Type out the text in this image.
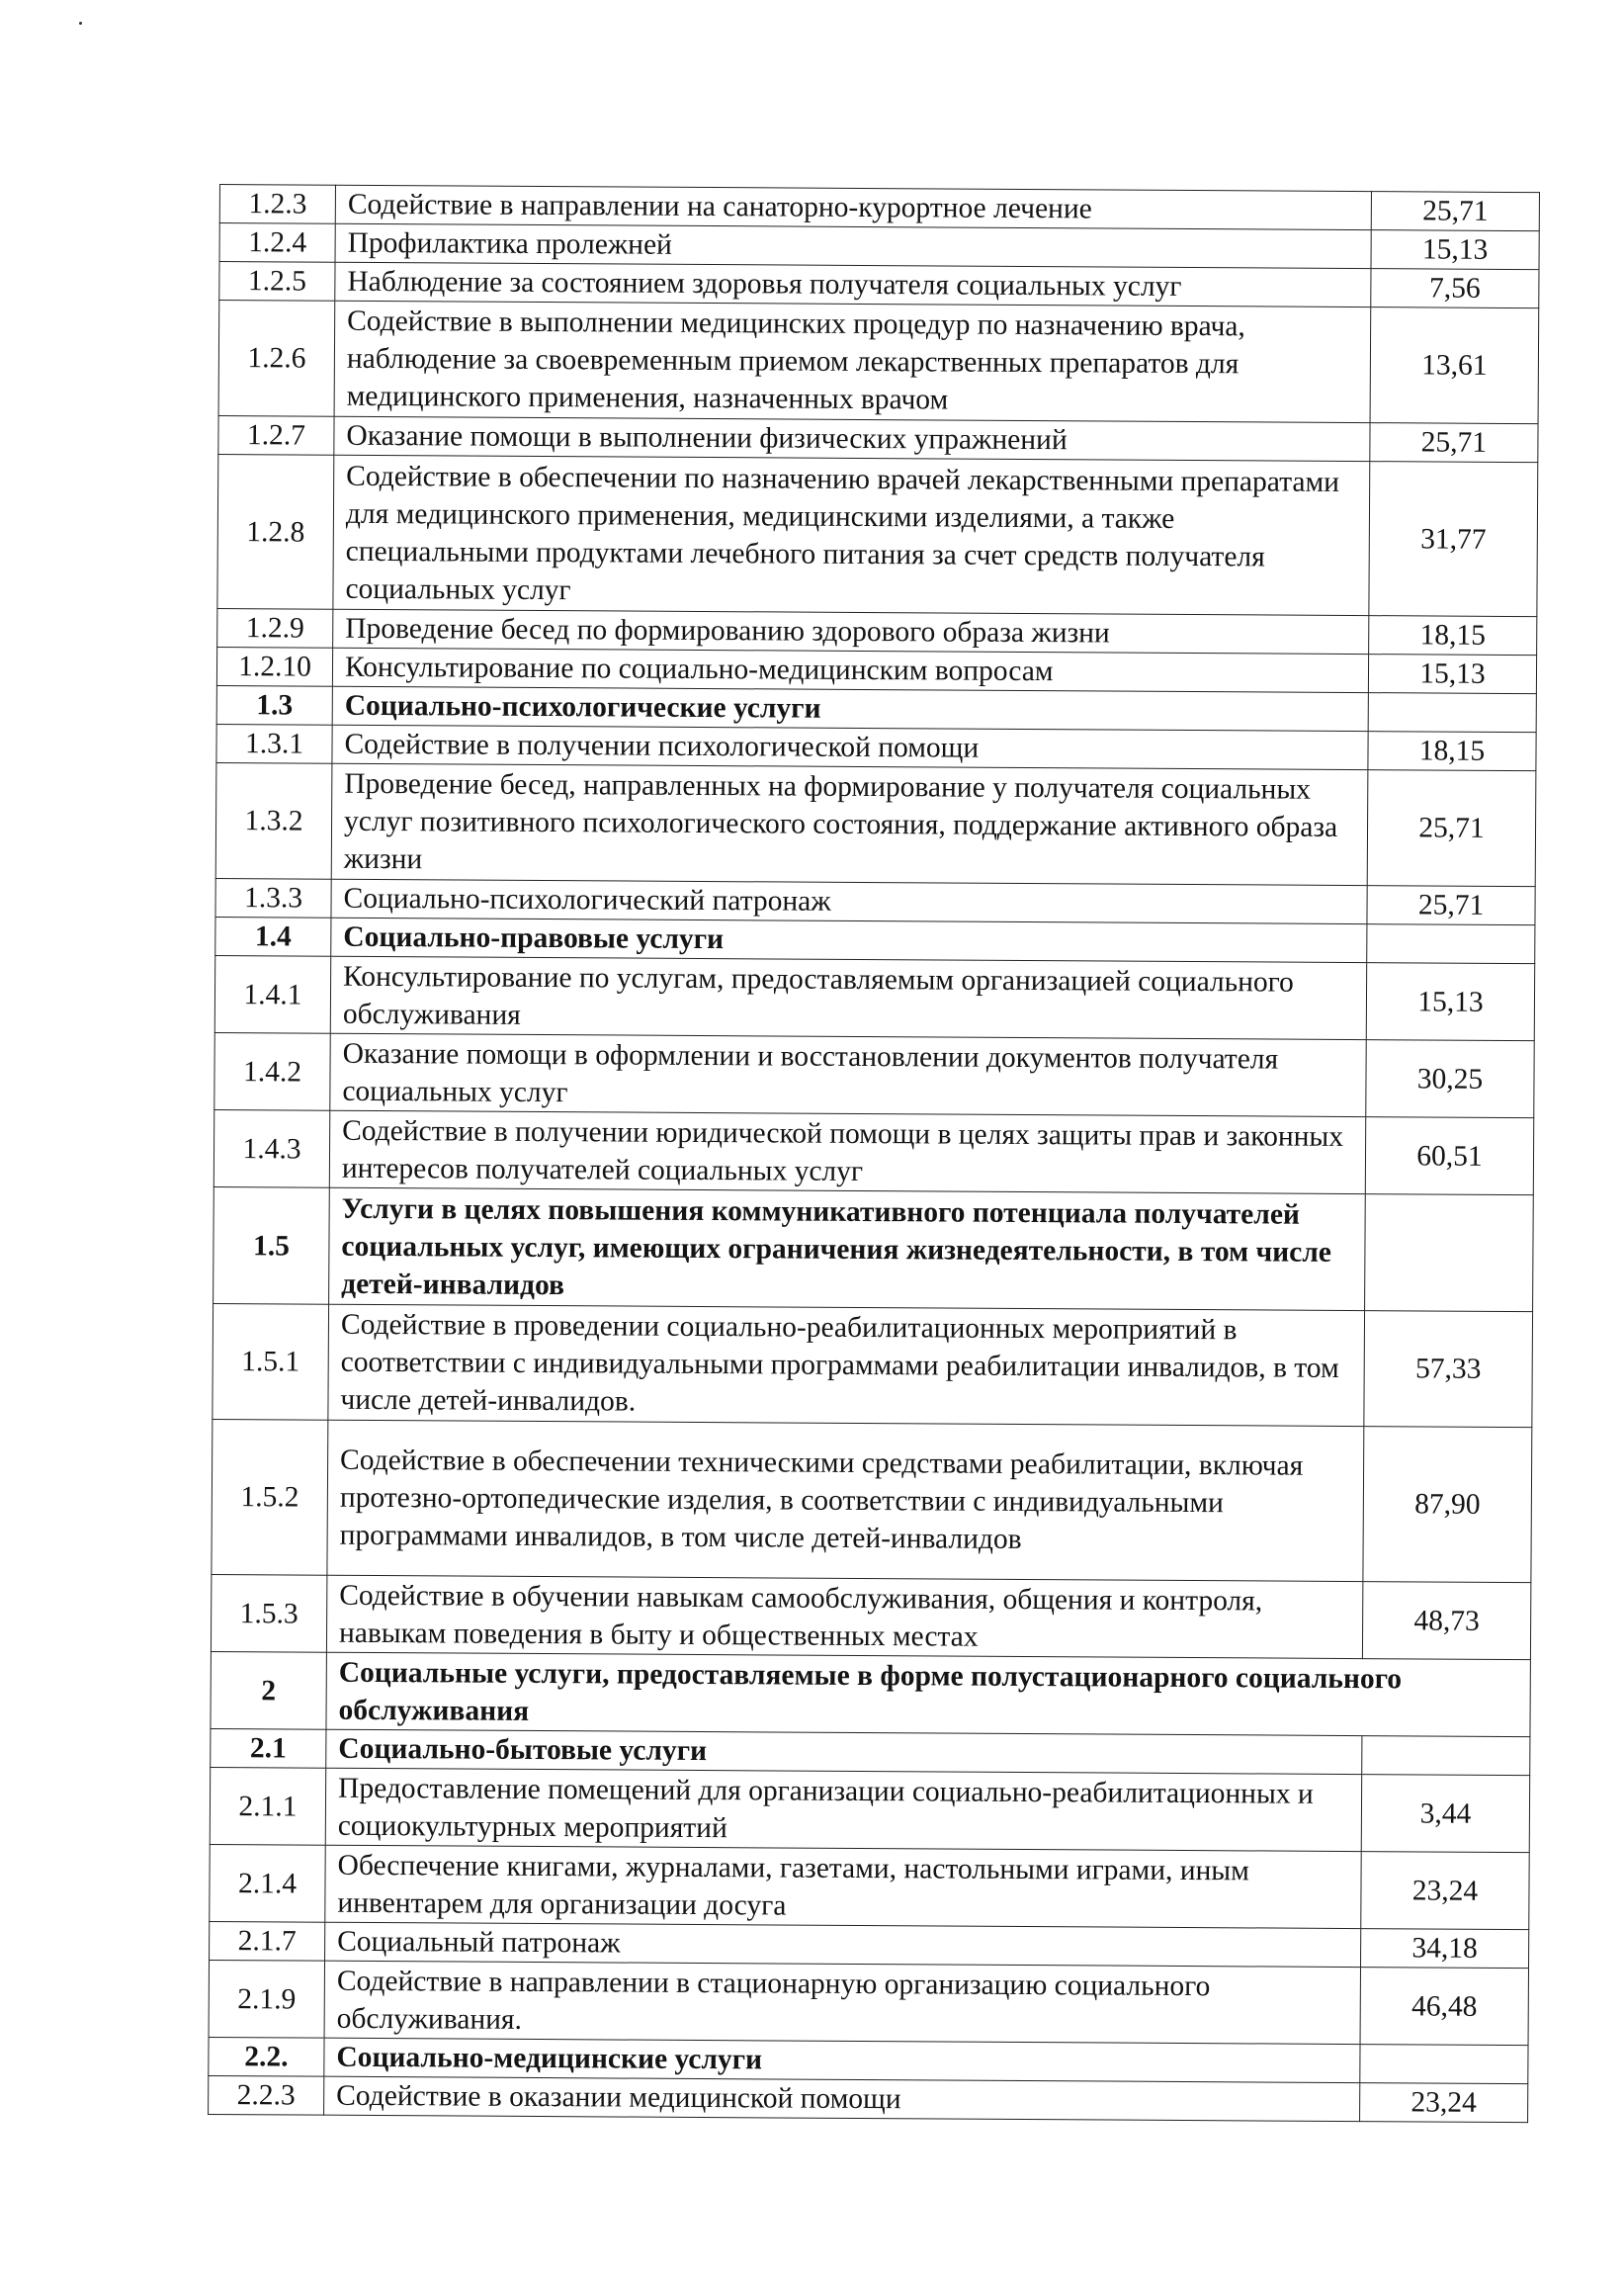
1.2.3	Содействие в направлении на санаторно-курортное лечение	25,71
1.2.4	Профилактика пролежней	15,13
1.2.5	Наблюдение за состоянием здоровья получателя социальных услуг	7,56
1.2.6	Содействие в выполнении медицинских процедур по назначению врача, наблюдение за своевременным приемом лекарственных препаратов для медицинского применения, назначенных врачом	13,61
1.2.7	Оказание помощи в выполнении физических упражнений	25,71
1.2.8	Содействие в обеспечении по назначению врачей лекарственными препаратами для медицинского применения, медицинскими изделиями, а также специальными продуктами лечебного питания за счет средств получателя социальных услуг	31,77
1.2.9	Проведение бесед по формированию здорового образа жизни	18,15
1.2.10	Консультирование по социально-медицинским вопросам	15,13
1.3	Социально-психологические услуги	
1.3.1	Содействие в получении психологической помощи	18,15
1.3.2	Проведение бесед, направленных на формирование у получателя социальных услуг позитивного психологического состояния, поддержание активного образа жизни	25,71
1.3.3	Социально-психологический патронаж	25,71
1.4	Социально-правовые услуги	
1.4.1	Консультирование по услугам, предоставляемым организацией социального обслуживания	15,13
1.4.2	Оказание помощи в оформлении и восстановлении документов получателя социальных услуг	30,25
1.4.3	Содействие в получении юридической помощи в целях защиты прав и законных интересов получателей социальных услуг	60,51
1.5	Услуги в целях повышения коммуникативного потенциала получателей социальных услуг, имеющих ограничения жизнедеятельности, в том числе детей-инвалидов	
1.5.1	Содействие в проведении социально-реабилитационных мероприятий в соответствии с индивидуальными программами реабилитации инвалидов, в том числе детей-инвалидов.	57,33
1.5.2	Содействие в обеспечении техническими средствами реабилитации, включая протезно-ортопедические изделия, в соответствии с индивидуальными программами инвалидов, в том числе детей-инвалидов	87,90
1.5.3	Содействие в обучении навыкам самообслуживания, общения и контроля, навыкам поведения в быту и общественных местах	48,73
2	Социальные услуги, предоставляемые в форме полустационарного социального обслуживания	
2.1	Социально-бытовые услуги	
2.1.1	Предоставление помещений для организации социально-реабилитационных и социокультурных мероприятий	3,44
2.1.4	Обеспечение книгами, журналами, газетами, настольными играми, иным инвентарем для организации досуга	23,24
2.1.7	Социальный патронаж	34,18
2.1.9	Содействие в направлении в стационарную организацию социального обслуживания.	46,48
2.2.	Социально-медицинские услуги	
2.2.3	Содействие в оказании медицинской помощи	23,24
